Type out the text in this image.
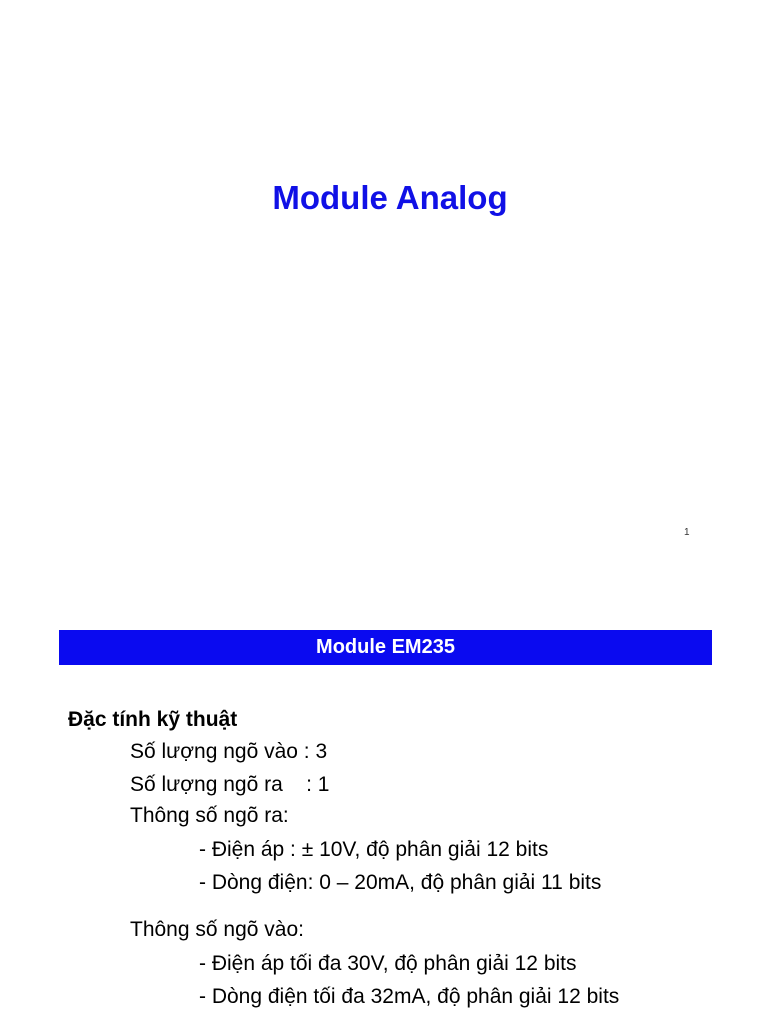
Module Analog
1
Module EM235
Đặc tính kỹ thuật
Số lượng ngõ vào : 3
Số lượng ngõ ra    : 1
Thông số ngõ ra:
- Điện áp : ± 10V, độ phân giải 12 bits
- Dòng điện: 0 – 20mA, độ phân giải 11 bits
Thông số ngõ vào:
- Điện áp tối đa 30V, độ phân giải 12 bits
- Dòng điện tối đa 32mA, độ phân giải 12 bits
